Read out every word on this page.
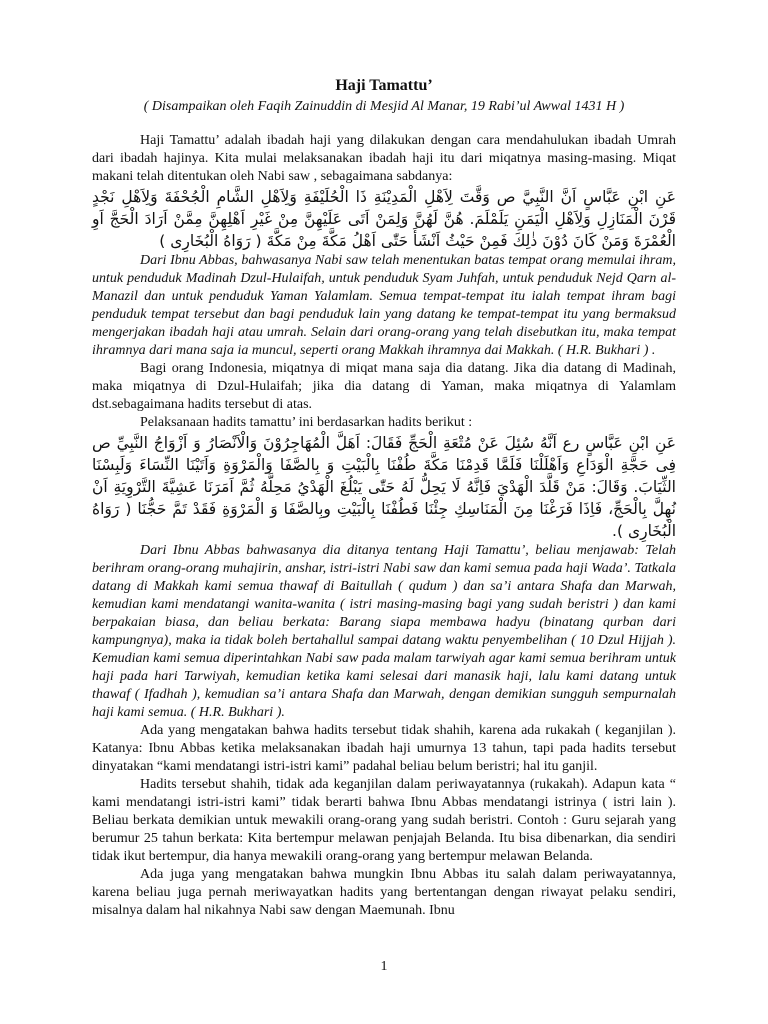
Haji Tamattu’
( Disampaikan oleh Faqih Zainuddin di Mesjid Al Manar, 19 Rabi’ul Awwal 1431 H )

Haji Tamattu’ adalah ibadah haji yang dilakukan dengan cara mendahulukan ibadah Umrah dari ibadah hajinya. Kita mulai melaksanakan ibadah haji itu dari miqatnya masing-masing. Miqat makani telah ditentukan oleh Nabi saw , sebagaimana sabdanya:

عَنِ ابْنِ عَبَّاسٍ اَنَّ النَّبِيَّ ص وَقَّتَ لِاَهْلِ الْمَدِيْنَةِ ذَا الْحُلَيْفَةِ وَلِاَهْلِ الشَّامِ الْجُحْفَةَ وَلِاَهْلِ نَجْدٍ قَرْنَ الْمَنَازِلِ وَلِاَهْلِ الْيَمَنِ يَلَمْلَمَ. هُنَّ لَهُنَّ وَلِمَنْ اَتَى عَلَيْهِنَّ مِنْ غَيْرِ اَهْلِهِنَّ مِمَّنْ اَرَادَ الْحَجَّ اَوِ الْعُمْرَةَ وَمَنْ كَانَ دُوْنَ ذٰلِكَ فَمِنْ حَيْثُ اَنْشَأَ حَتّٰى اَهْلُ مَكَّةَ مِنْ مَكَّةَ ( رَوَاهُ الْبُخَارِى )

Dari Ibnu Abbas, bahwasanya Nabi saw telah menentukan batas tempat orang memulai ihram, untuk penduduk Madinah Dzul-Hulaifah, untuk penduduk Syam Juhfah, untuk penduduk Nejd Qarn al-Manazil dan untuk penduduk Yaman Yalamlam. Semua tempat-tempat itu ialah tempat ihram bagi penduduk tempat tersebut dan bagi penduduk lain yang datang ke tempat-tempat itu yang bermaksud mengerjakan ibadah haji atau umrah. Selain dari orang-orang yang telah disebutkan itu, maka tempat ihramnya dari mana saja ia muncul, seperti orang Makkah ihramnya dai Makkah. ( H.R. Bukhari ) .

Bagi orang Indonesia, miqatnya di miqat mana saja dia datang. Jika dia datang di Madinah, maka miqatnya di Dzul-Hulaifah; jika dia datang di Yaman, maka miqatnya di Yalamlam dst.sebagaimana hadits tersebut di atas.

Pelaksanaan hadits tamattu’ ini berdasarkan hadits berikut :

عَنِ ابْنِ عَبَّاسٍ رع اَنَّهُ سُئِلَ عَنْ مُتْعَةِ الْحَجِّ فَقَالَ: اَهَلَّ الْمُهَاجِرُوْنَ وَالْاَنْصَارُ وَ اَزْوَاجُ النَّبِيِّ ص فِى حَجَّةِ الْوَدَاعِ وَاَهْلَلْنَا فَلَمَّا قَدِمْنَا مَكَّةَ طُفْنَا بِالْبَيْتِ وَ بِالصَّفَا وَالْمَرْوَةِ وَاَتَيْنَا النِّسَاءَ وَلَبِسْنَا الثِّيَابَ. وَقَالَ: مَنْ قَلَّدَ الْهَدْيَ فَاِنَّهُ لَا يَحِلُّ لَهُ حَتّٰى يَبْلُغَ الْهَدْيُ مَحِلَّهُ ثُمَّ اَمَرَنَا عَشِيَّةَ التَّرْوِيَةِ اَنْ نُهِلَّ بِالْحَجِّ، فَاِذَا فَرَغْنَا مِنَ الْمَنَاسِكِ جِئْنَا فَطُفْنَا بِالْبَيْتِ وبِالصَّفَا وَ الْمَرْوَةِ فَقَدْ تَمَّ حَجُّنَا ( رَوَاهُ الْبُخَارِى ).

Dari Ibnu Abbas bahwasanya dia ditanya tentang Haji Tamattu’, beliau menjawab: Telah berihram orang-orang muhajirin, anshar, istri-istri Nabi saw dan kami semua pada haji Wada’. Tatkala datang di Makkah kami semua thawaf di Baitullah ( qudum ) dan sa’i antara Shafa dan Marwah, kemudian kami mendatangi wanita-wanita ( istri masing-masing bagi yang sudah beristri ) dan kami berpakaian biasa, dan beliau berkata: Barang siapa membawa hadyu (binatang qurban dari kampungnya), maka ia tidak boleh bertahallul sampai datang waktu penyembelihan ( 10 Dzul Hijjah ). Kemudian kami semua diperintahkan Nabi saw pada malam tarwiyah agar kami semua berihram untuk haji pada hari Tarwiyah, kemudian ketika kami selesai dari manasik haji, lalu kami datang untuk thawaf ( Ifadhah ), kemudian sa’i antara Shafa dan Marwah, dengan demikian sungguh sempurnalah haji kami semua. ( H.R. Bukhari ).

Ada yang mengatakan bahwa hadits tersebut tidak shahih, karena ada rukakah ( keganjilan ). Katanya: Ibnu Abbas ketika melaksanakan ibadah haji umurnya 13 tahun, tapi pada hadits tersebut dinyatakan “kami mendatangi istri-istri kami” padahal beliau belum beristri; hal itu ganjil.

Hadits tersebut shahih, tidak ada keganjilan dalam periwayatannya (rukakah). Adapun kata “ kami mendatangi istri-istri kami” tidak berarti bahwa Ibnu Abbas mendatangi istrinya ( istri lain ). Beliau berkata demikian untuk mewakili orang-orang yang sudah beristri. Contoh : Guru sejarah yang berumur 25 tahun berkata: Kita bertempur melawan penjajah Belanda. Itu bisa dibenarkan, dia sendiri tidak ikut bertempur, dia hanya mewakili orang-orang yang bertempur melawan Belanda.

Ada juga yang mengatakan bahwa mungkin Ibnu Abbas itu salah dalam periwayatannya, karena beliau juga pernah meriwayatkan hadits yang bertentangan dengan riwayat pelaku sendiri, misalnya dalam hal nikahnya Nabi saw dengan Maemunah. Ibnu

1
